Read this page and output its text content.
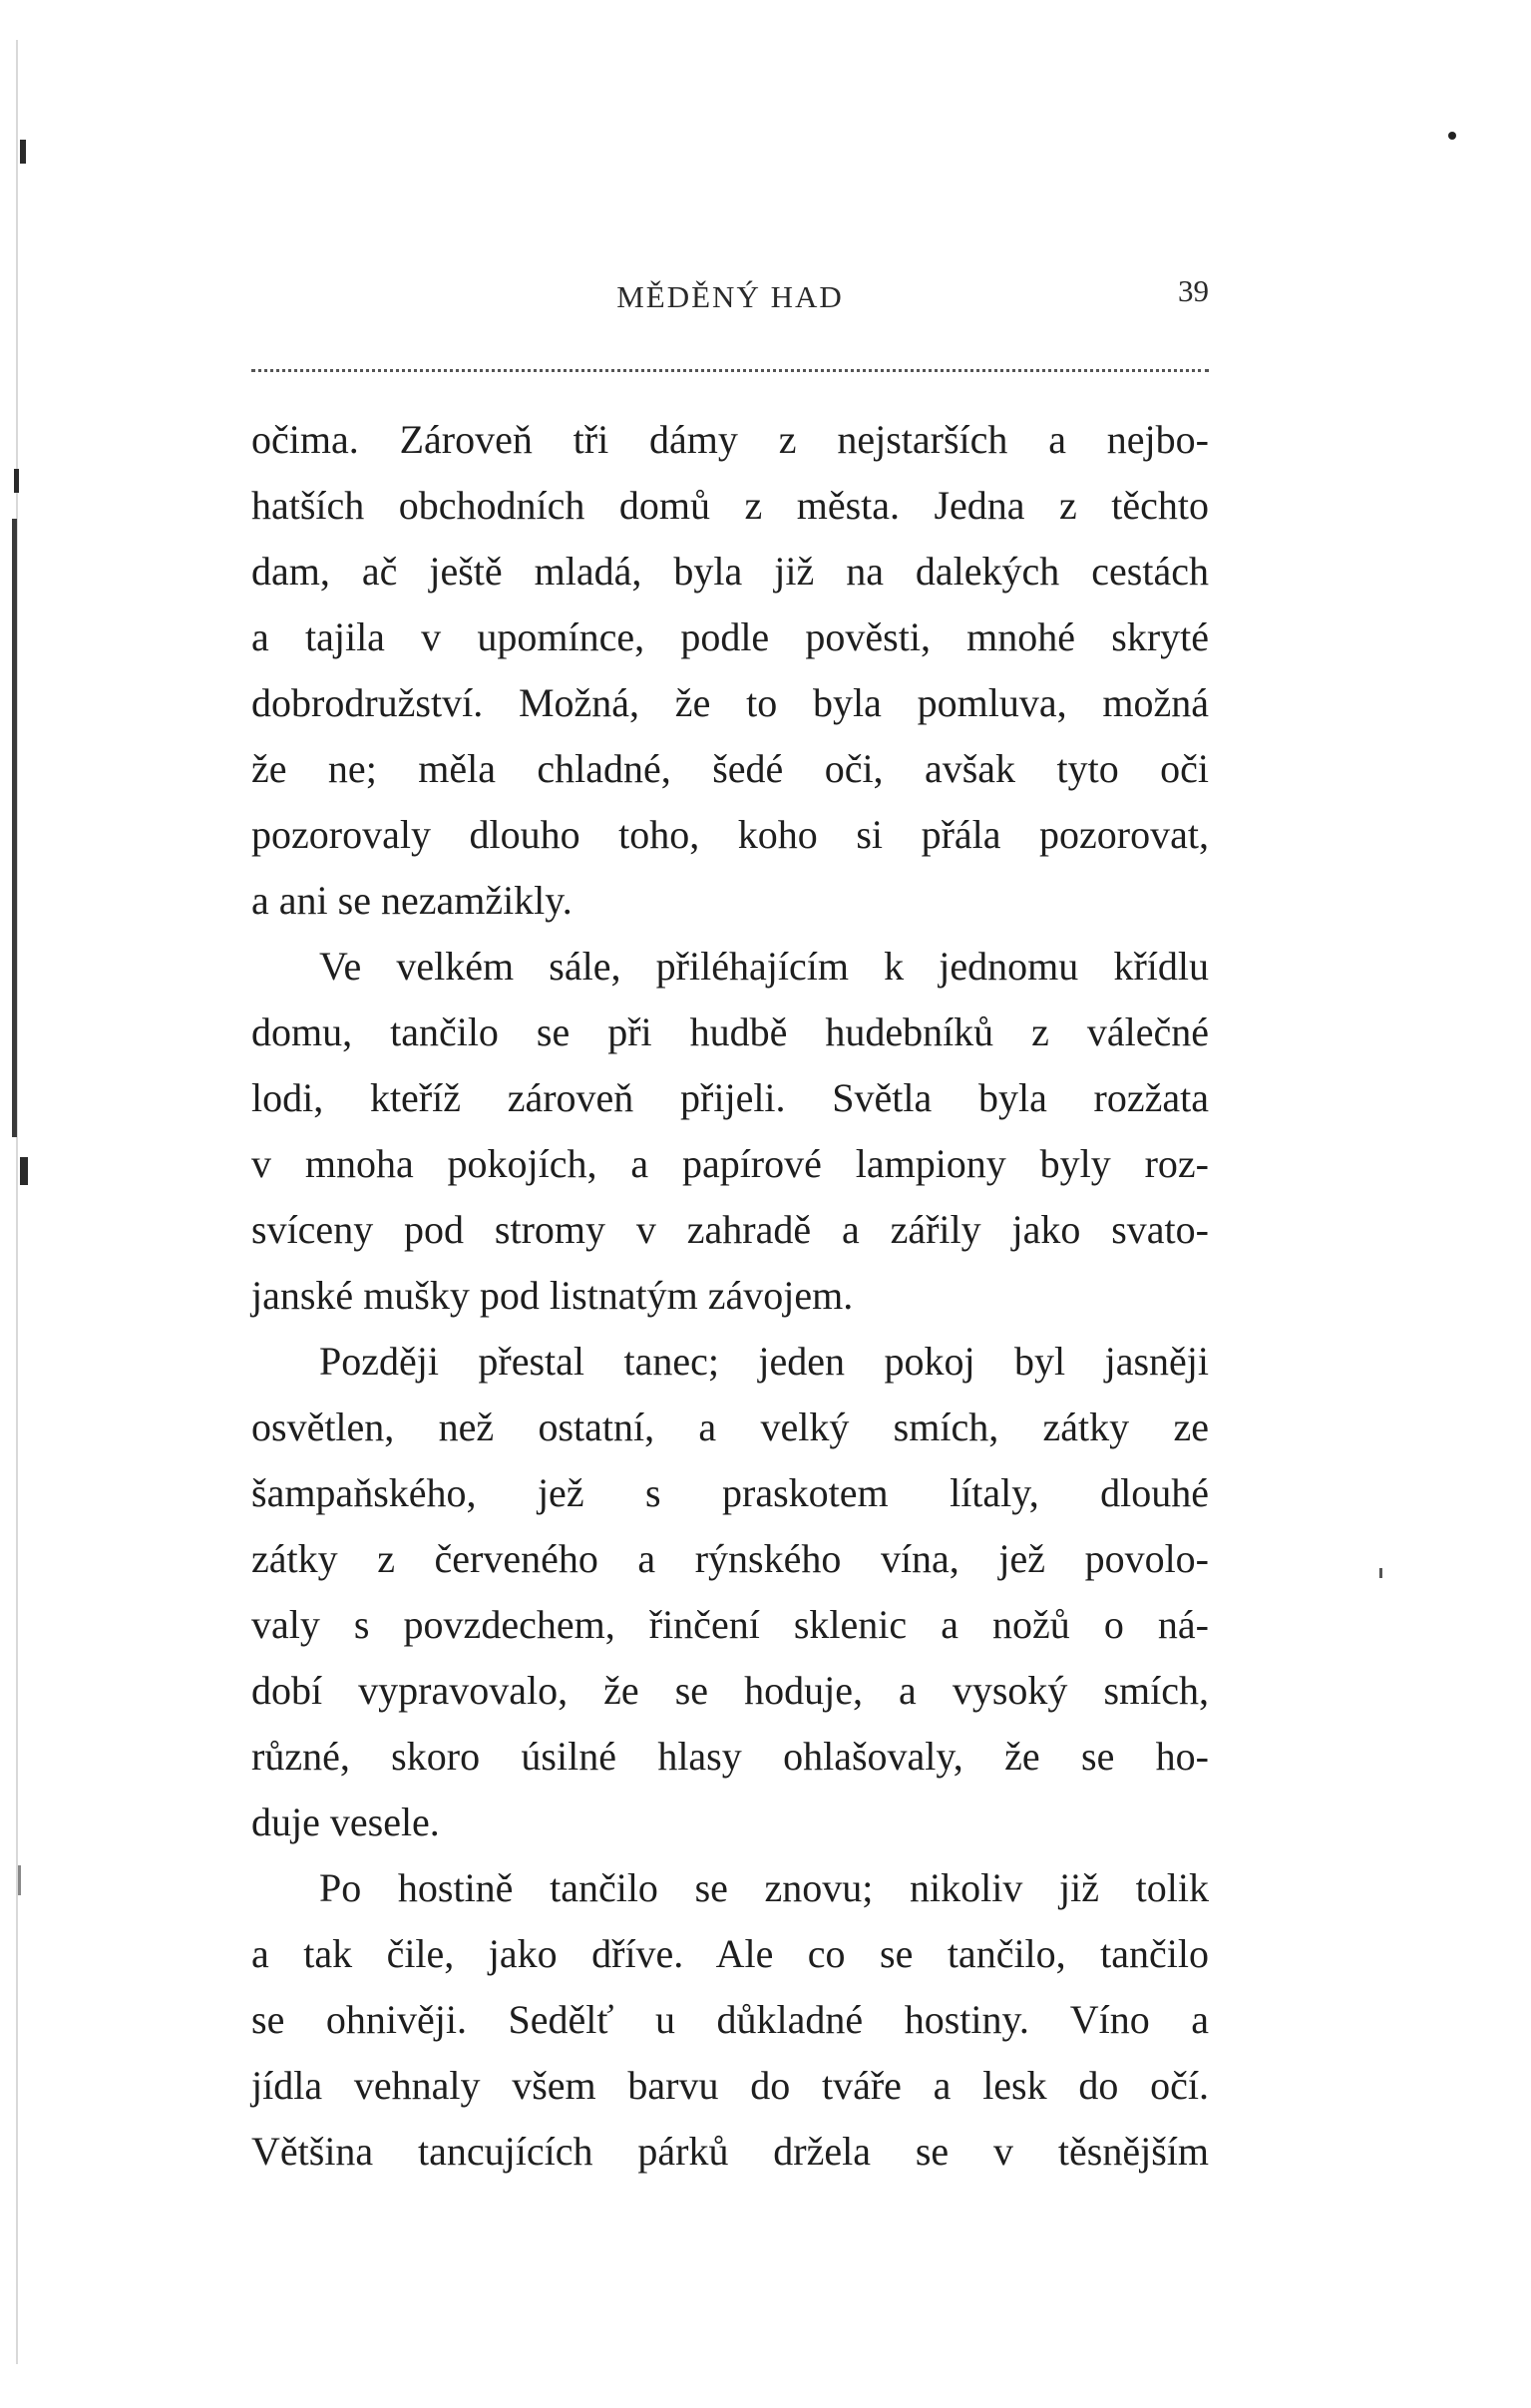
MĚDĚNÝ HAD	39
očima. Zároveň tři dámy z nejstarších a nejbo-
hatších obchodních domů z města. Jedna z těchto
dam, ač ještě mladá, byla již na dalekých cestách
a tajila v upomínce, podle pověsti, mnohé skryté
dobrodružství. Možná, že to byla pomluva, možná
že ne; měla chladné, šedé oči, avšak tyto oči
pozorovaly dlouho toho, koho si přála pozorovat,
a ani se nezamžikly.
Ve velkém sále, přiléhajícím k jednomu křídlu
domu, tančilo se při hudbě hudebníků z válečné
lodi, kteříž zároveň přijeli. Světla byla rozžata
v mnoha pokojích, a papírové lampiony byly roz-
svíceny pod stromy v zahradě a zářily jako svato-
janské mušky pod listnatým závojem.
Později přestal tanec; jeden pokoj byl jasněji
osvětlen, než ostatní, a velký smích, zátky ze
šampaňského, jež s praskotem lítaly, dlouhé
zátky z červeného a rýnského vína, jež povolo-
valy s povzdechem, řinčení sklenic a nožů o ná-
dobí vypravovalo, že se hoduje, a vysoký smích,
různé, skoro úsilné hlasy ohlašovaly, že se ho-
duje vesele.
Po hostině tančilo se znovu; nikoliv již tolik
a tak čile, jako dříve. Ale co se tančilo, tančilo
se ohnivěji. Sedělť u důkladné hostiny. Víno a
jídla vehnaly všem barvu do tváře a lesk do očí.
Většina tancujících párků držela se v těsnějším
